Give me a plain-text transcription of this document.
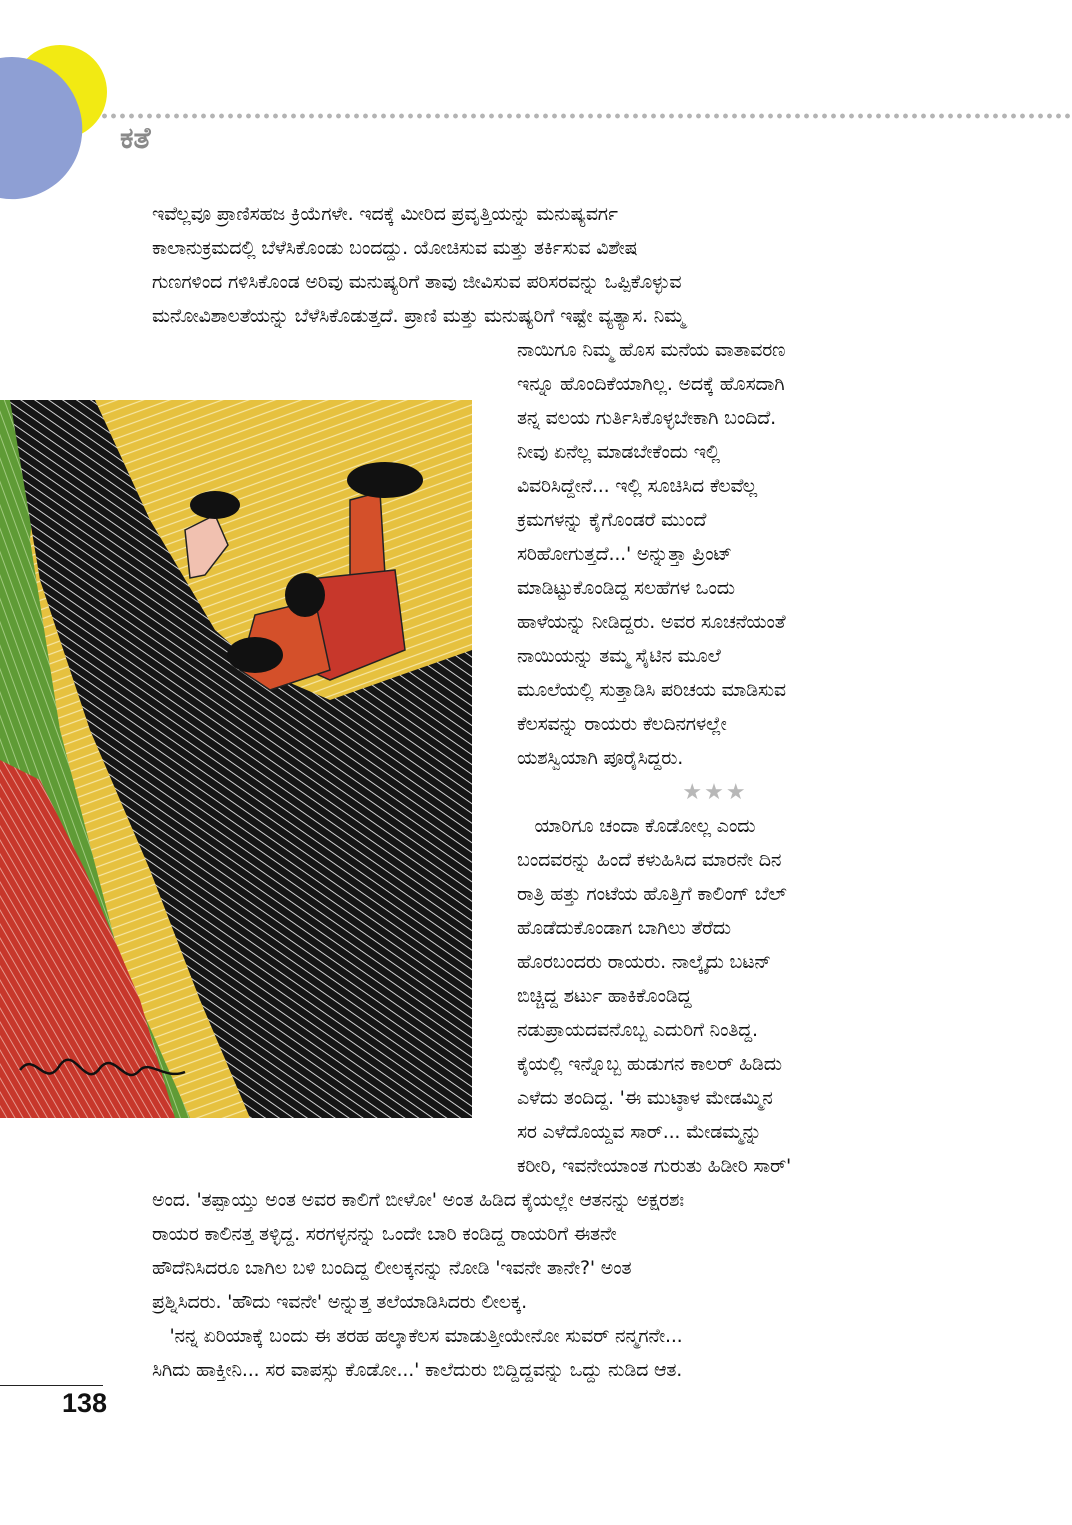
ಕತೆ

ಇವೆಲ್ಲವೂ ಪ್ರಾಣಿಸಹಜ ಕ್ರಿಯೆಗಳೇ. ಇದಕ್ಕೆ ಮೀರಿದ ಪ್ರವೃತ್ತಿಯನ್ನು ಮನುಷ್ಯವರ್ಗ
ಕಾಲಾನುಕ್ರಮದಲ್ಲಿ ಬೆಳೆಸಿಕೊಂಡು ಬಂದದ್ದು. ಯೋಚಿಸುವ ಮತ್ತು ತರ್ಕಿಸುವ ವಿಶೇಷ
ಗುಣಗಳಿಂದ ಗಳಿಸಿಕೊಂಡ ಅರಿವು ಮನುಷ್ಯರಿಗೆ ತಾವು ಜೀವಿಸುವ ಪರಿಸರವನ್ನು ಒಪ್ಪಿಕೊಳ್ಳುವ
ಮನೋವಿಶಾಲತೆಯನ್ನು ಬೆಳೆಸಿಕೊಡುತ್ತದೆ. ಪ್ರಾಣಿ ಮತ್ತು ಮನುಷ್ಯರಿಗೆ ಇಷ್ಟೇ ವ್ಯತ್ಯಾಸ. ನಿಮ್ಮ

ನಾಯಿಗೂ ನಿಮ್ಮ ಹೊಸ ಮನೆಯ ವಾತಾವರಣ
ಇನ್ನೂ ಹೊಂದಿಕೆಯಾಗಿಲ್ಲ. ಅದಕ್ಕೆ ಹೊಸದಾಗಿ
ತನ್ನ ವಲಯ ಗುರ್ತಿಸಿಕೊಳ್ಳಬೇಕಾಗಿ ಬಂದಿದೆ.
ನೀವು ಏನೆಲ್ಲ ಮಾಡಬೇಕೆಂದು ಇಲ್ಲಿ
ವಿವರಿಸಿದ್ದೇನೆ... ಇಲ್ಲಿ ಸೂಚಿಸಿದ ಕೆಲವೆಲ್ಲ
ಕ್ರಮಗಳನ್ನು ಕೈಗೊಂಡರೆ ಮುಂದೆ
ಸರಿಹೋಗುತ್ತದೆ...' ಅನ್ನುತ್ತಾ ಪ್ರಿಂಟ್
ಮಾಡಿಟ್ಟುಕೊಂಡಿದ್ದ ಸಲಹೆಗಳ ಒಂದು
ಹಾಳೆಯನ್ನು ನೀಡಿದ್ದರು. ಅವರ ಸೂಚನೆಯಂತೆ
ನಾಯಿಯನ್ನು ತಮ್ಮ ಸೈಟಿನ ಮೂಲೆ
ಮೂಲೆಯಲ್ಲಿ ಸುತ್ತಾಡಿಸಿ ಪರಿಚಯ ಮಾಡಿಸುವ
ಕೆಲಸವನ್ನು ರಾಯರು ಕೆಲದಿನಗಳಲ್ಲೇ
ಯಶಸ್ವಿಯಾಗಿ ಪೂರೈಸಿದ್ದರು.

★★★

ಯಾರಿಗೂ ಚಂದಾ ಕೊಡೋಲ್ಲ ಎಂದು
ಬಂದವರನ್ನು ಹಿಂದೆ ಕಳುಹಿಸಿದ ಮಾರನೇ ದಿನ
ರಾತ್ರಿ ಹತ್ತು ಗಂಟೆಯ ಹೊತ್ತಿಗೆ ಕಾಲಿಂಗ್ ಬೆಲ್
ಹೊಡೆದುಕೊಂಡಾಗ ಬಾಗಿಲು ತೆರೆದು
ಹೊರಬಂದರು ರಾಯರು. ನಾಲ್ಕೈದು ಬಟನ್
ಬಿಚ್ಚಿದ್ದ ಶರ್ಟು ಹಾಕಿಕೊಂಡಿದ್ದ
ನಡುಪ್ರಾಯದವನೊಬ್ಬ ಎದುರಿಗೆ ನಿಂತಿದ್ದ.
ಕೈಯಲ್ಲಿ ಇನ್ನೊಬ್ಬ ಹುಡುಗನ ಕಾಲರ್ ಹಿಡಿದು
ಎಳೆದು ತಂದಿದ್ದ. 'ಈ ಮುಟ್ಠಾಳ ಮೇಡಮ್ಮಿನ
ಸರ ಎಳೆದೊಯ್ದವ ಸಾರ್... ಮೇಡಮ್ಮನ್ನು
ಕರೀರಿ, ಇವನೇಯಾಂತ ಗುರುತು ಹಿಡೀರಿ ಸಾರ್'

ಅಂದ. 'ತಪ್ಪಾಯ್ತು ಅಂತ ಅವರ ಕಾಲಿಗೆ ಬೀಳೋ' ಅಂತ ಹಿಡಿದ ಕೈಯಲ್ಲೇ ಆತನನ್ನು ಅಕ್ಷರಶಃ
ರಾಯರ ಕಾಲಿನತ್ತ ತಳ್ಳಿದ್ದ. ಸರಗಳ್ಳನನ್ನು ಒಂದೇ ಬಾರಿ ಕಂಡಿದ್ದ ರಾಯರಿಗೆ ಈತನೇ
ಹೌದೆನಿಸಿದರೂ ಬಾಗಿಲ ಬಳಿ ಬಂದಿದ್ದ ಲೀಲಕ್ಕನನ್ನು ನೋಡಿ 'ಇವನೇ ತಾನೇ?' ಅಂತ
ಪ್ರಶ್ನಿಸಿದರು. 'ಹೌದು ಇವನೇ' ಅನ್ನುತ್ತ ತಲೆಯಾಡಿಸಿದರು ಲೀಲಕ್ಕ.
'ನನ್ನ ಏರಿಯಾಕ್ಕೆ ಬಂದು ಈ ತರಹ ಹಲ್ಕಾಕೆಲಸ ಮಾಡುತ್ತೀಯೇನೋ ಸುವರ್ ನನ್ಮಗನೇ...
ಸಿಗಿದು ಹಾಕ್ತೀನಿ... ಸರ ವಾಪಸ್ಸು ಕೊಡೋ...' ಕಾಲೆದುರು ಬಿದ್ದಿದ್ದವನ್ನು ಒದ್ದು ನುಡಿದ ಆತ.

138
